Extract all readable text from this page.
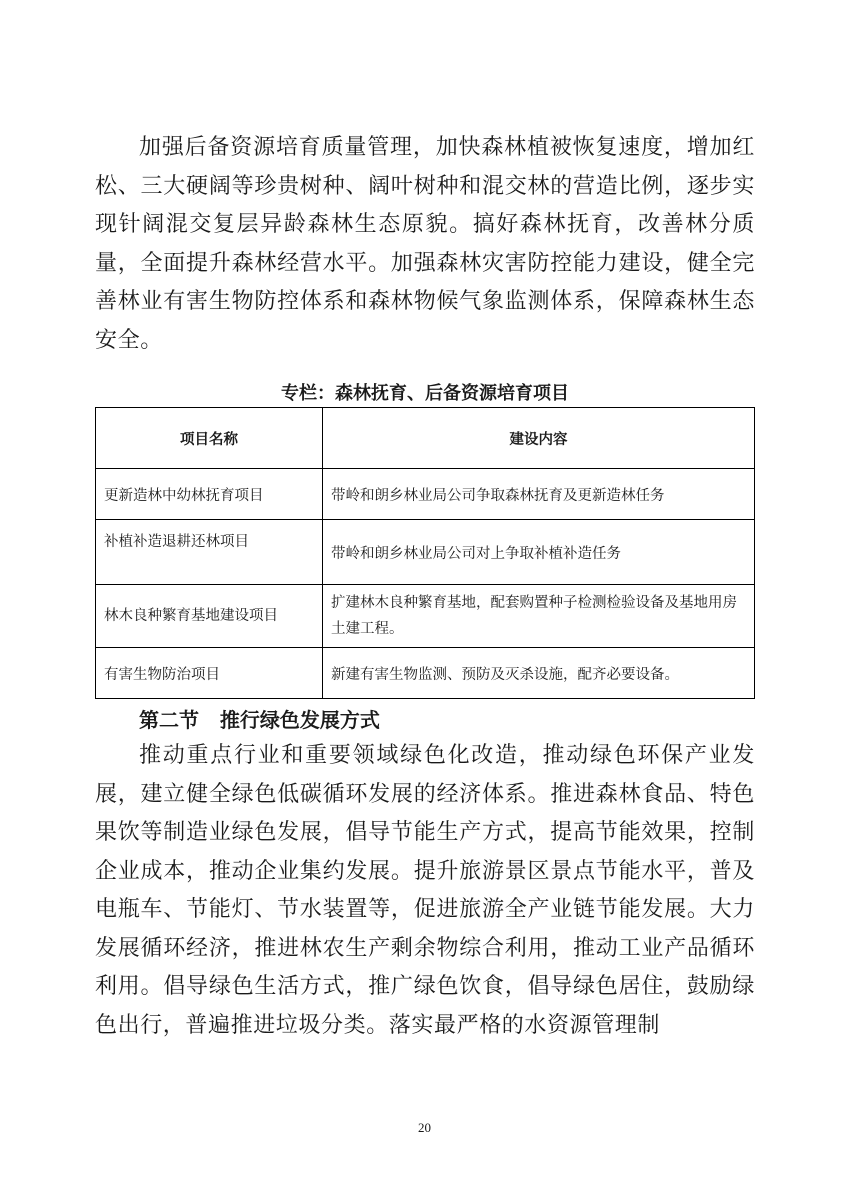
加强后备资源培育质量管理，加快森林植被恢复速度，增加红松、三大硬阔等珍贵树种、阔叶树种和混交林的营造比例，逐步实现针阔混交复层异龄森林生态原貌。搞好森林抚育，改善林分质量，全面提升森林经营水平。加强森林灾害防控能力建设，健全完善林业有害生物防控体系和森林物候气象监测体系，保障森林生态安全。

专栏：森林抚育、后备资源培育项目
项目名称	建设内容
更新造林中幼林抚育项目	带岭和朗乡林业局公司争取森林抚育及更新造林任务
补植补造退耕还林项目	带岭和朗乡林业局公司对上争取补植补造任务
林木良种繁育基地建设项目	扩建林木良种繁育基地，配套购置种子检测检验设备及基地用房土建工程。
有害生物防治项目	新建有害生物监测、预防及灭杀设施，配齐必要设备。
第二节   推行绿色发展方式

推动重点行业和重要领域绿色化改造，推动绿色环保产业发展，建立健全绿色低碳循环发展的经济体系。推进森林食品、特色果饮等制造业绿色发展，倡导节能生产方式，提高节能效果，控制企业成本，推动企业集约发展。提升旅游景区景点节能水平，普及电瓶车、节能灯、节水装置等，促进旅游全产业链节能发展。大力发展循环经济，推进林农生产剩余物综合利用，推动工业产品循环利用。倡导绿色生活方式，推广绿色饮食，倡导绿色居住，鼓励绿色出行，普遍推进垃圾分类。落实最严格的水资源管理制

20
